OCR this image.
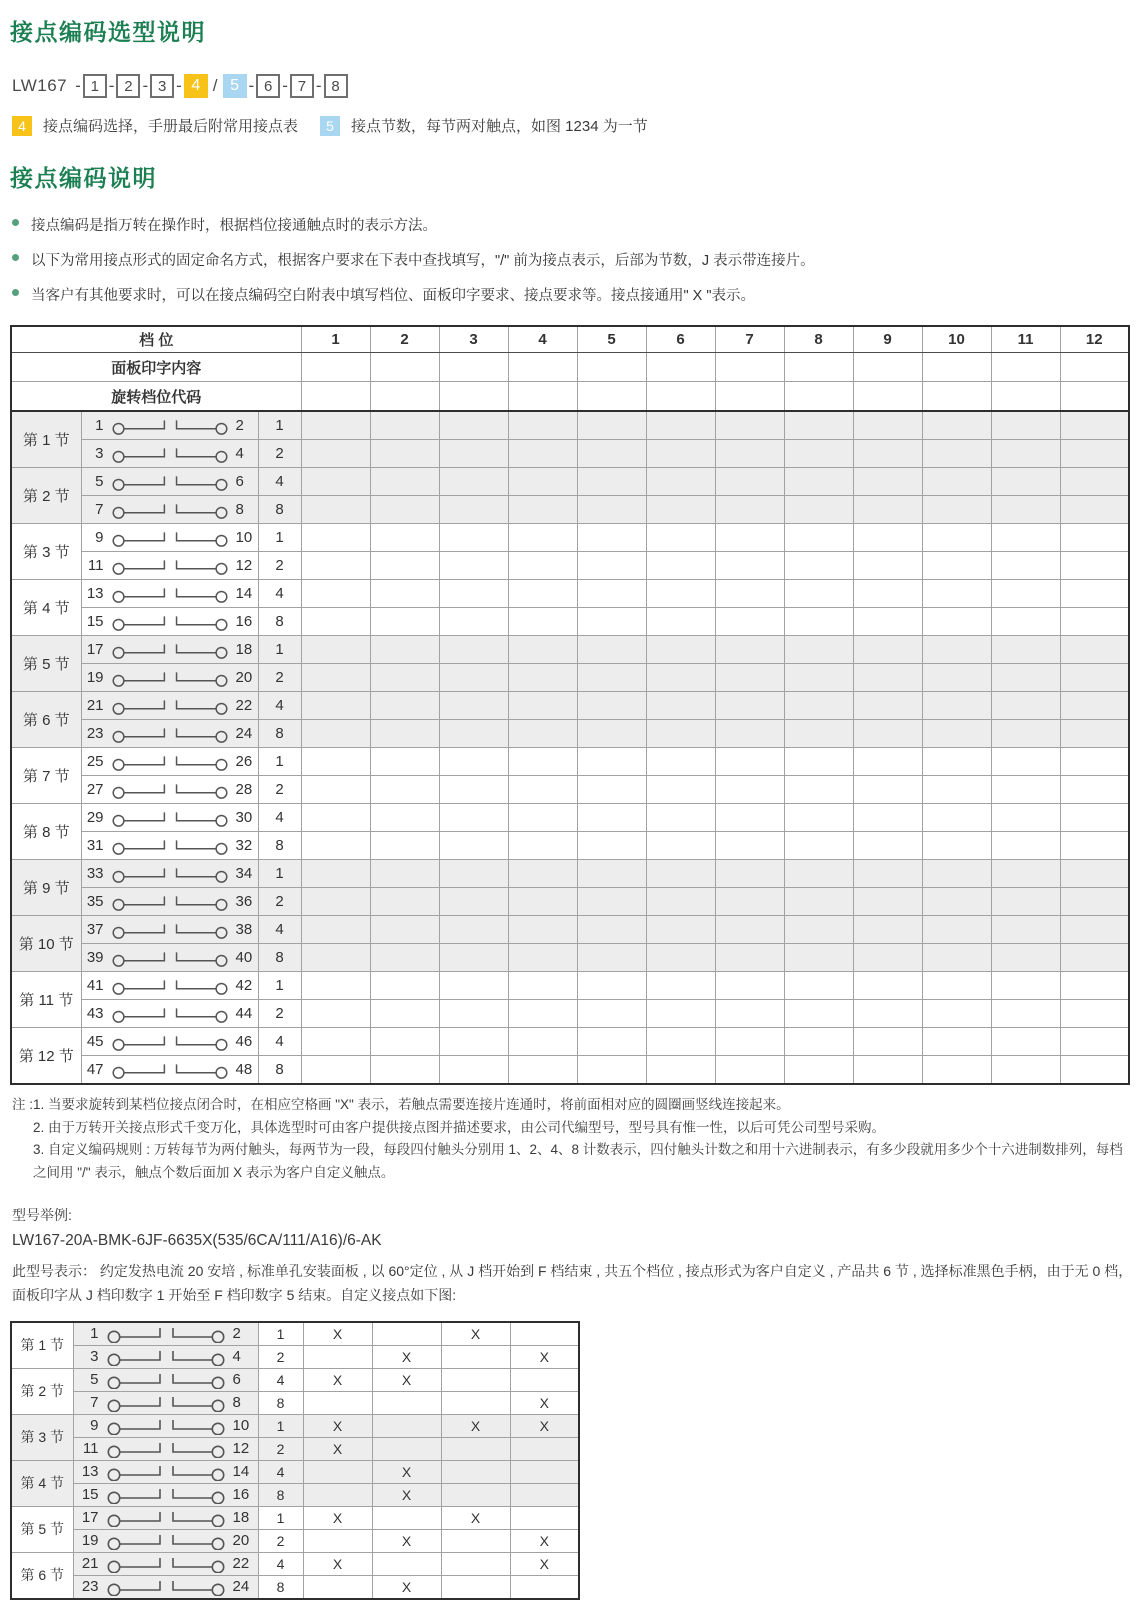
接点编码选型说明
LW167 - 1 - 2 - 3 - 4 / 5 - 6 - 7 - 8
4	接点编码选择，手册最后附常用接点表	5	接点节数，每节两对触点，如图 1234 为一节
接点编码说明
接点编码是指万转在操作时，根据档位接通触点时的表示方法。
以下为常用接点形式的固定命名方式，根据客户要求在下表中查找填写，"/" 前为接点表示，后部为节数，J 表示带连接片。
当客户有其他要求时，可以在接点编码空白附表中填写档位、面板印字要求、接点要求等。接点接通用" X "表示。
档 位			1	2	3	4	5	6	7	8	9	10	11	12
面板印字内容														
旋转档位代码														
第 1 节	1 2	1												

	3 4	2												
第 2 节	5 6	4												

	7 8	8												
第 3 节	9 10	1												

	11 12	2												
第 4 节	13 14	4												

	15 16	8												
第 5 节	17 18	1												

	19 20	2												
第 6 节	21 22	4												

	23 24	8												
第 7 节	25 26	1												

	27 28	2												
第 8 节	29 30	4												

	31 32	8												
第 9 节	33 34	1												

	35 36	2												
第 10 节	37 38	4												

	39 40	8												
第 11 节	41 42	1												

	43 44	2												
第 12 节	45 46	4												

	47 48	8												

注 :1. 当要求旋转到某档位接点闭合时，在相应空格画 "X" 表示，若触点需要连接片连通时，将前面相对应的圆圈画竖线连接起来。

2. 由于万转开关接点形式千变万化，具体选型时可由客户提供接点图并描述要求，由公司代编型号，型号具有惟一性，以后可凭公司型号采购。

3. 自定义编码规则 : 万转每节为两付触头，每两节为一段，每段四付触头分别用 1、2、4、8 计数表示，四付触头计数之和用十六进制表示，有多少段就用多少个十六进制数排列，每档之间用 "/" 表示，触点个数后面加 X 表示为客户自定义触点。

型号举例:
LW167-20A-BMK-6JF-6635X(535/6CA/111/A16)/6-AK
此型号表示： 约定发热电流 20 安培 , 标准单孔安装面板 , 以 60°定位 , 从 J 档开始到 F 档结束 , 共五个档位 , 接点形式为客户自定义 , 产品共 6 节 , 选择标准黑色手柄，由于无 0 档，面板印字从 J 档印数字 1 开始至 F 档印数字 5 结束。自定义接点如下图:
第 1 节	1 2	1	X		X	

	3 4	2		X		X
第 2 节	5 6	4	X	X		

	7 8	8				X
第 3 节	9 10	1	X		X	X

	11 12	2	X			
第 4 节	13 14	4		X		

	15 16	8		X		
第 5 节	17 18	1	X		X	

	19 20	2		X		X
第 6 节	21 22	4	X			X

	23 24	8		X		
